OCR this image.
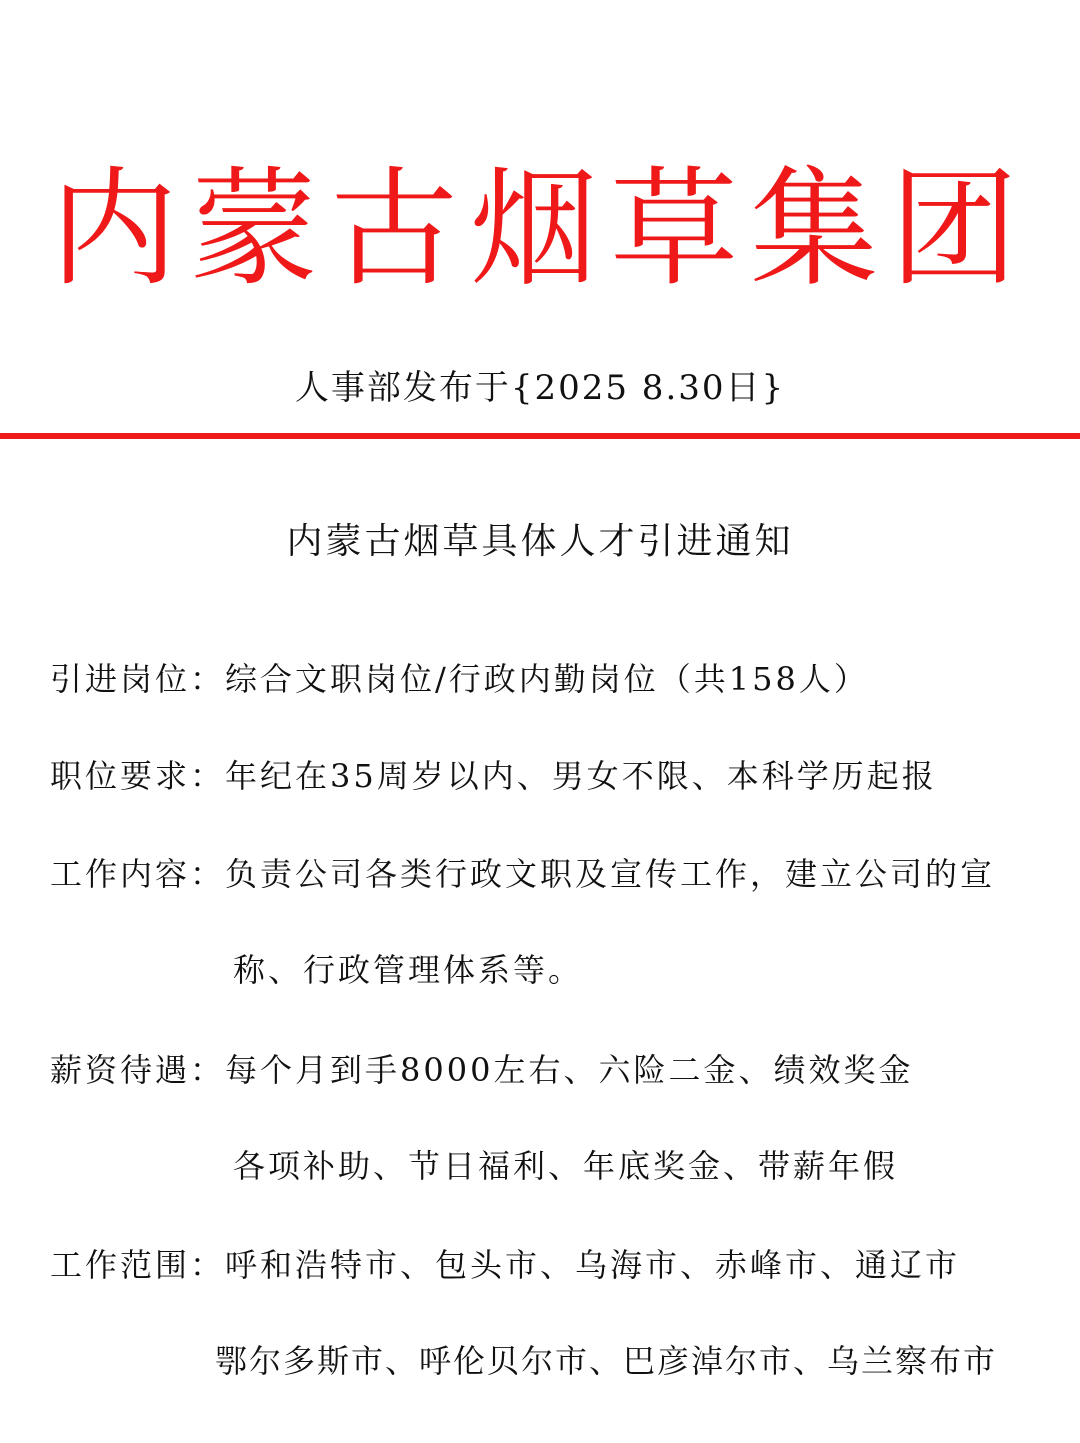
内蒙古烟草集团
人事部发布于{2025 8.30日}
内蒙古烟草具体人才引进通知
引进岗位：综合文职岗位/行政内勤岗位（共158人）
职位要求：年纪在35周岁以内、男女不限、本科学历起报
工作内容：负责公司各类行政文职及宣传工作，建立公司的宣
称、行政管理体系等。
薪资待遇：每个月到手8000左右、六险二金、绩效奖金
各项补助、节日福利、年底奖金、带薪年假
工作范围：呼和浩特市、包头市、乌海市、赤峰市、通辽市
鄂尔多斯市、呼伦贝尔市、巴彦淖尔市、乌兰察布市
